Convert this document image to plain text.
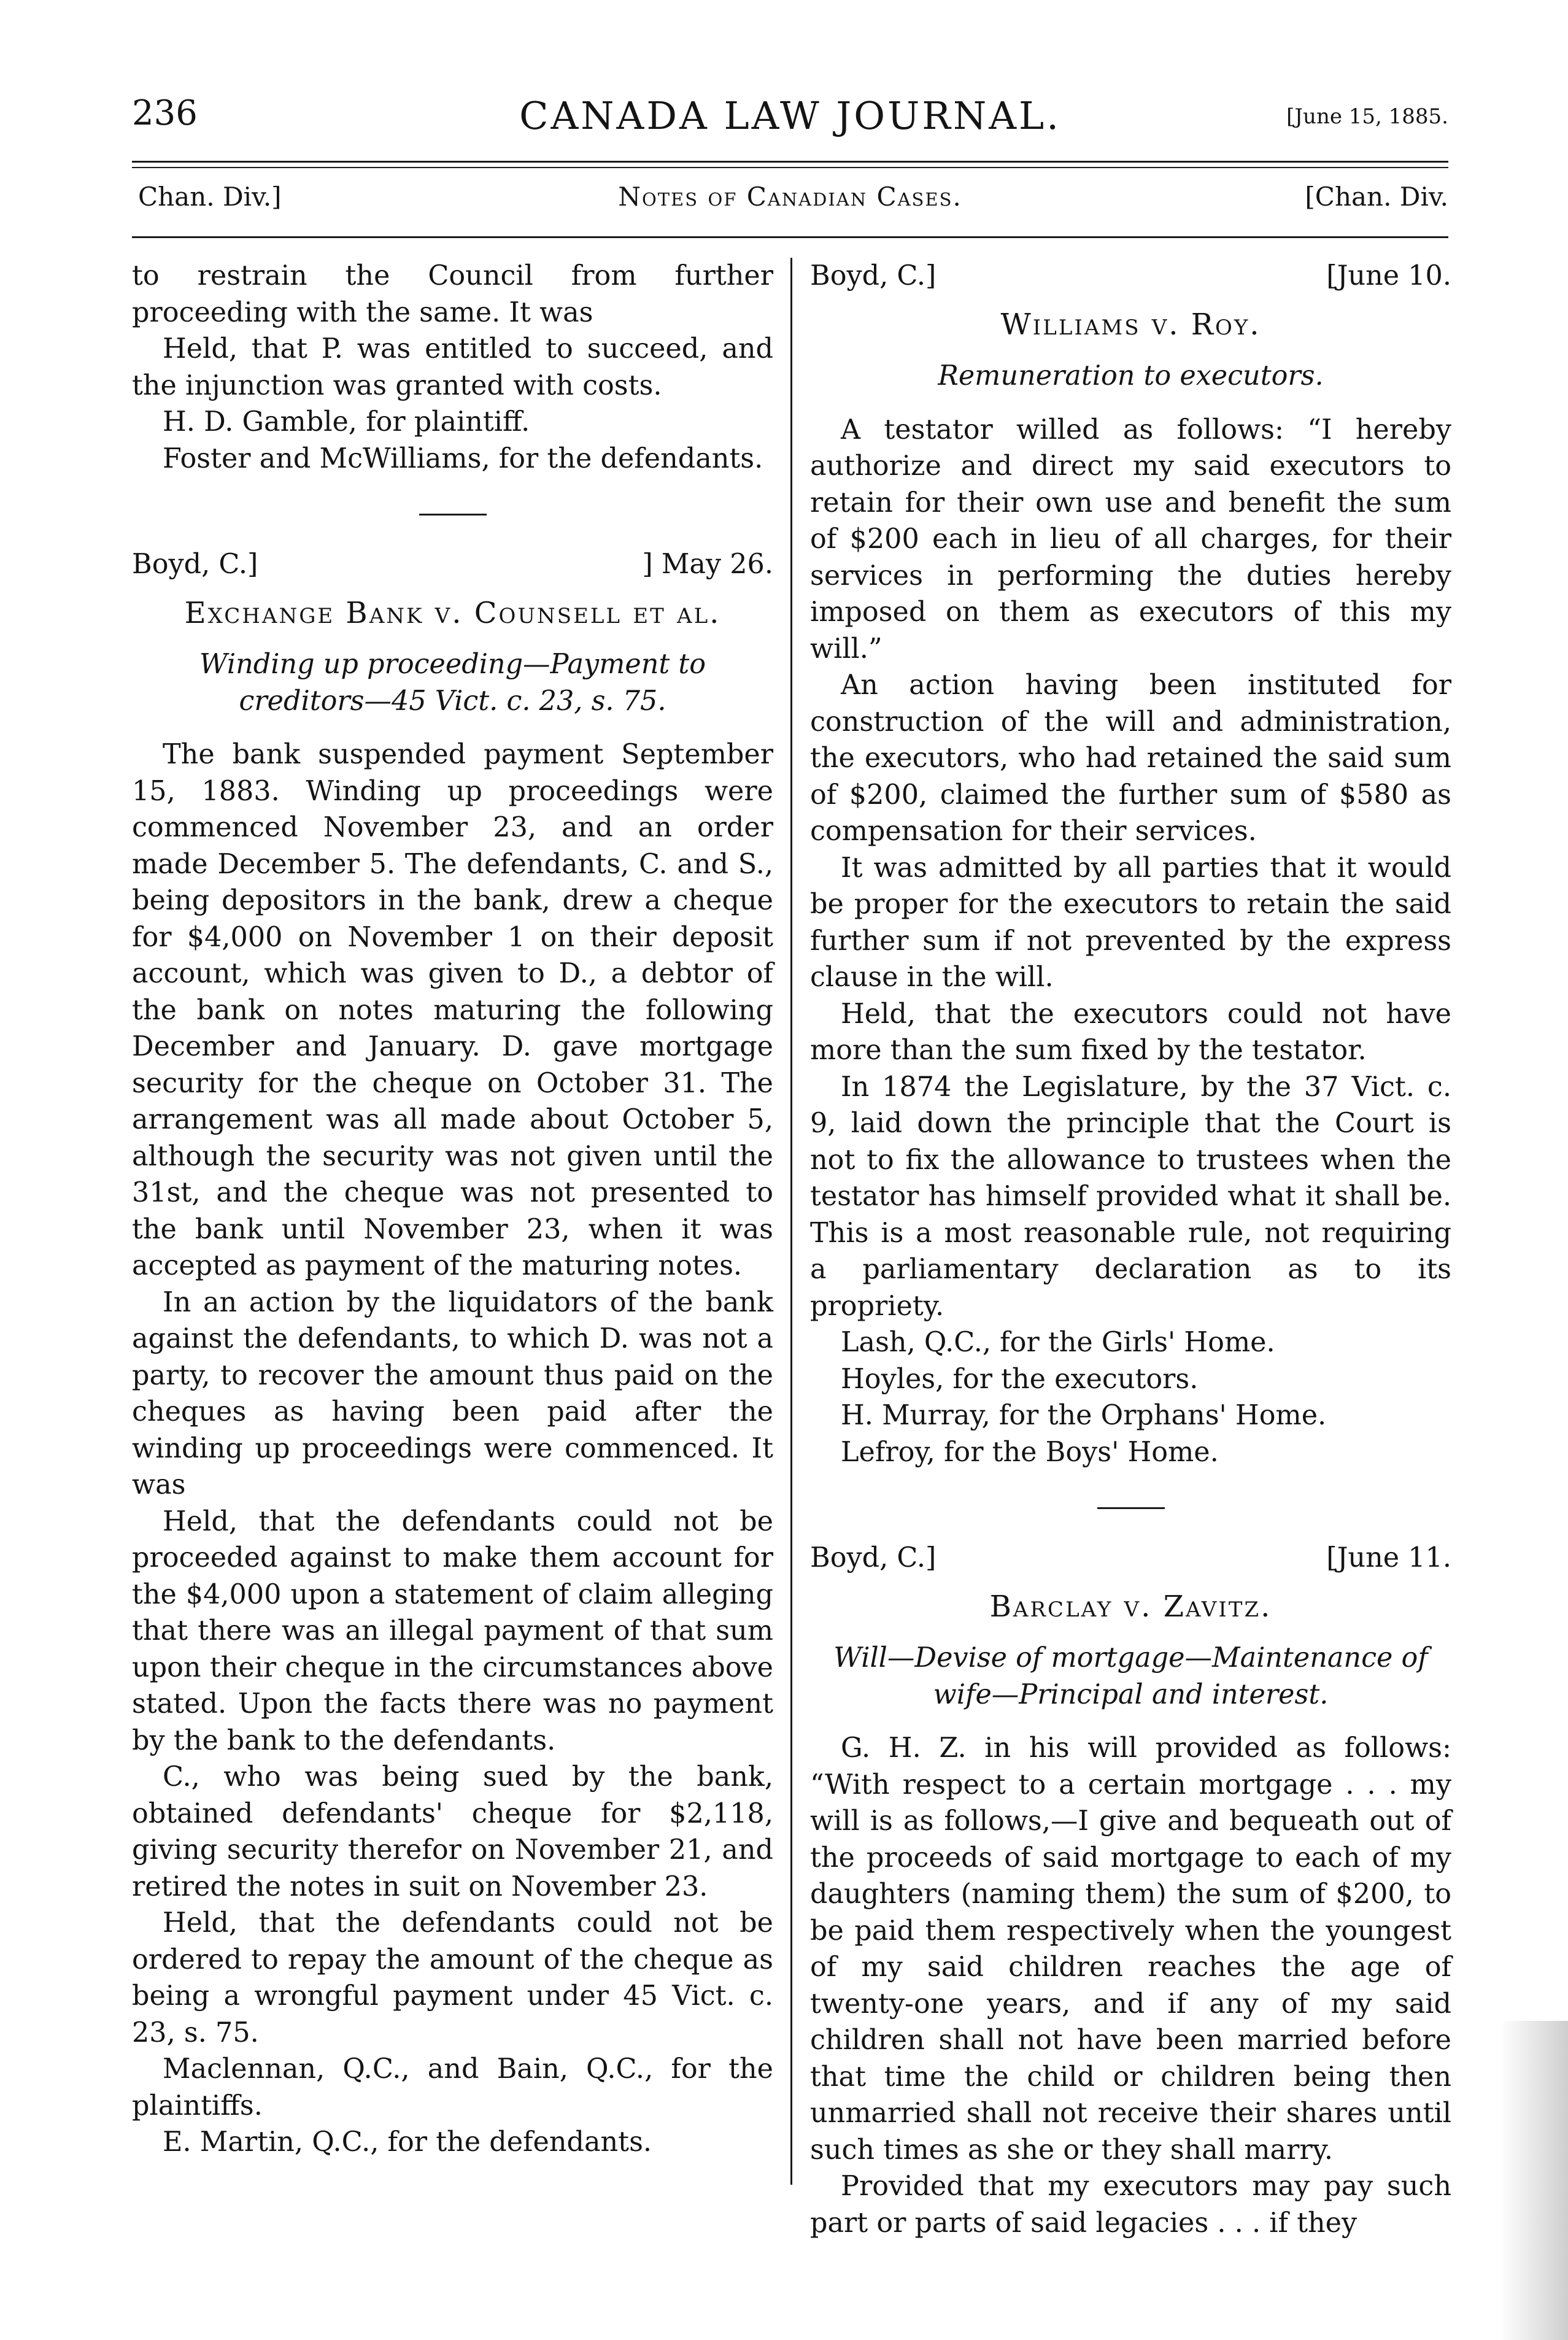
236	CANADA LAW JOURNAL.	[June 15, 1885.
Chan. Div.]	Notes of Canadian Cases.	[Chan. Div.

to restrain the Council from further proceeding with the same. It was

Held, that P. was entitled to succeed, and the injunction was granted with costs.

H. D. Gamble, for plaintiff.

Foster and McWilliams, for the defendants.

Boyd, C.]	] May 26.
Exchange Bank v. Counsell et al.
Winding up proceeding—Payment to creditors—45 Vict. c. 23, s. 75.

The bank suspended payment September 15, 1883. Winding up proceedings were commenced November 23, and an order made December 5. The defendants, C. and S., being depositors in the bank, drew a cheque for $4,000 on November 1 on their deposit account, which was given to D., a debtor of the bank on notes maturing the following December and January. D. gave mortgage security for the cheque on October 31. The arrangement was all made about October 5, although the security was not given until the 31st, and the cheque was not presented to the bank until November 23, when it was accepted as payment of the maturing notes.

In an action by the liquidators of the bank against the defendants, to which D. was not a party, to recover the amount thus paid on the cheques as having been paid after the winding up proceedings were commenced. It was

Held, that the defendants could not be proceeded against to make them account for the $4,000 upon a statement of claim alleging that there was an illegal payment of that sum upon their cheque in the circumstances above stated. Upon the facts there was no payment by the bank to the defendants.

C., who was being sued by the bank, obtained defendants' cheque for $2,118, giving security therefor on November 21, and retired the notes in suit on November 23.

Held, that the defendants could not be ordered to repay the amount of the cheque as being a wrongful payment under 45 Vict. c. 23, s. 75.

Maclennan, Q.C., and Bain, Q.C., for the plaintiffs.

E. Martin, Q.C., for the defendants.

Boyd, C.]	[June 10.
Williams v. Roy.
Remuneration to executors.

A testator willed as follows: “I hereby authorize and direct my said executors to retain for their own use and benefit the sum of $200 each in lieu of all charges, for their services in performing the duties hereby imposed on them as executors of this my will.”

An action having been instituted for construction of the will and administration, the executors, who had retained the said sum of $200, claimed the further sum of $580 as compensation for their services.

It was admitted by all parties that it would be proper for the executors to retain the said further sum if not prevented by the express clause in the will.

Held, that the executors could not have more than the sum fixed by the testator.

In 1874 the Legislature, by the 37 Vict. c. 9, laid down the principle that the Court is not to fix the allowance to trustees when the testator has himself provided what it shall be. This is a most reasonable rule, not requiring a parliamentary declaration as to its propriety.

Lash, Q.C., for the Girls' Home.

Hoyles, for the executors.

H. Murray, for the Orphans' Home.

Lefroy, for the Boys' Home.

Boyd, C.]	[June 11.
Barclay v. Zavitz.
Will—Devise of mortgage—Maintenance of wife—Principal and interest.

G. H. Z. in his will provided as follows: “With respect to a certain mortgage . . . my will is as follows,—I give and bequeath out of the proceeds of said mortgage to each of my daughters (naming them) the sum of $200, to be paid them respectively when the youngest of my said children reaches the age of twenty-one years, and if any of my said children shall not have been married before that time the child or children being then unmarried shall not receive their shares until such times as she or they shall marry.

Provided that my executors may pay such part or parts of said legacies . . . if they
